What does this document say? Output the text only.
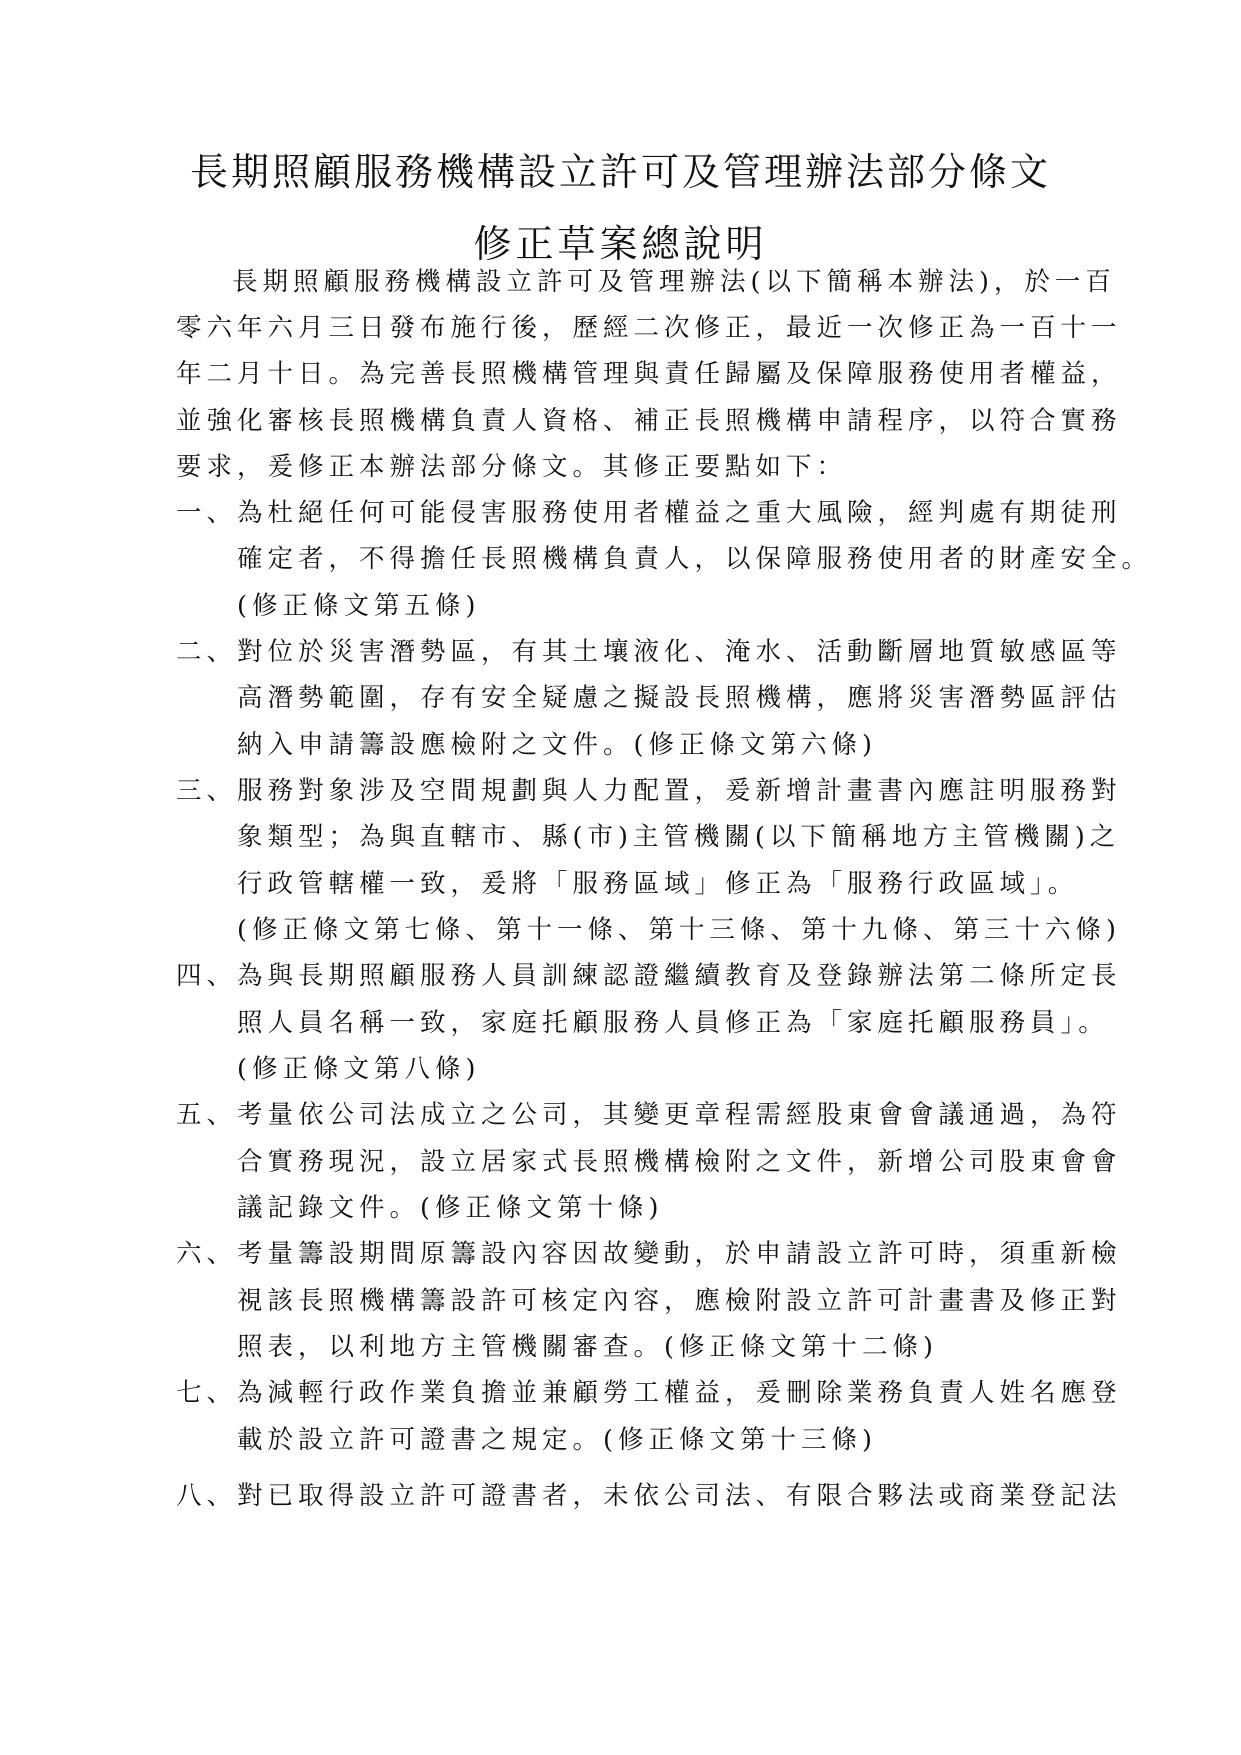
長期照顧服務機構設立許可及管理辦法部分條文
修正草案總說明
長期照顧服務機構設立許可及管理辦法(以下簡稱本辦法)，於一百
零六年六月三日發布施行後，歷經二次修正，最近一次修正為一百十一
年二月十日。為完善長照機構管理與責任歸屬及保障服務使用者權益，
並強化審核長照機構負責人資格、補正長照機構申請程序，以符合實務
要求，爰修正本辦法部分條文。其修正要點如下：
一、 為杜絕任何可能侵害服務使用者權益之重大風險，經判處有期徒刑
確定者，不得擔任長照機構負責人，以保障服務使用者的財產安全。
(修正條文第五條)
二、 對位於災害潛勢區，有其土壤液化、淹水、活動斷層地質敏感區等
高潛勢範圍，存有安全疑慮之擬設長照機構，應將災害潛勢區評估
納入申請籌設應檢附之文件。(修正條文第六條)
三、 服務對象涉及空間規劃與人力配置，爰新增計畫書內應註明服務對
象類型；為與直轄市、縣(市)主管機關(以下簡稱地方主管機關)之
行政管轄權一致，爰將「服務區域」修正為「服務行政區域」。
(修正條文第七條、第十一條、第十三條、第十九條、第三十六條)
四、 為與長期照顧服務人員訓練認證繼續教育及登錄辦法第二條所定長
照人員名稱一致，家庭托顧服務人員修正為「家庭托顧服務員」。
(修正條文第八條)
五、 考量依公司法成立之公司，其變更章程需經股東會會議通過，為符
合實務現況，設立居家式長照機構檢附之文件，新增公司股東會會
議記錄文件。(修正條文第十條)
六、 考量籌設期間原籌設內容因故變動，於申請設立許可時，須重新檢
視該長照機構籌設許可核定內容，應檢附設立許可計畫書及修正對
照表，以利地方主管機關審查。(修正條文第十二條)
七、 為減輕行政作業負擔並兼顧勞工權益，爰刪除業務負責人姓名應登
載於設立許可證書之規定。(修正條文第十三條)
八、 對已取得設立許可證書者，未依公司法、有限合夥法或商業登記法
